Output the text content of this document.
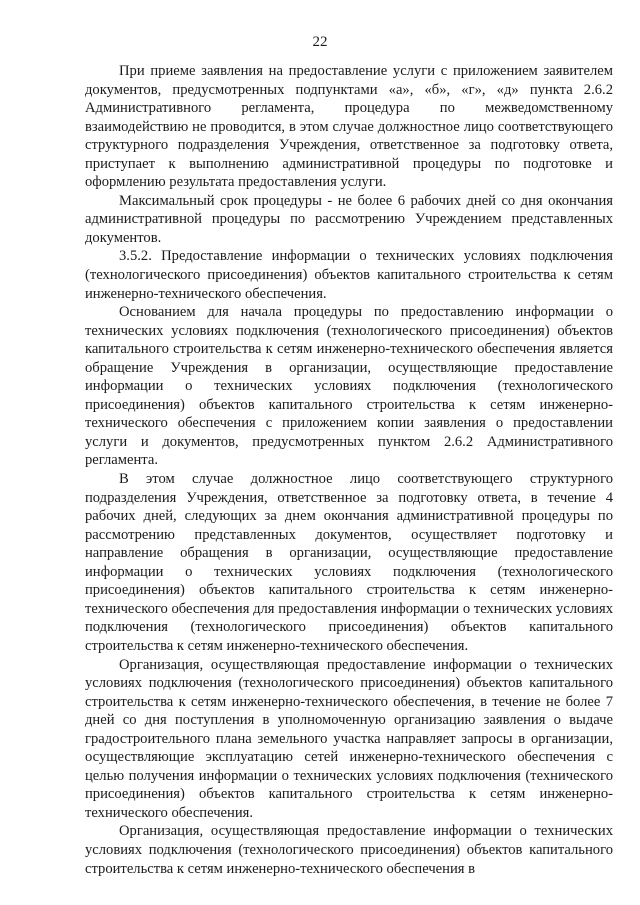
22

При приеме заявления на предоставление услуги с приложением заявителем документов, предусмотренных подпунктами «а», «б», «г», «д» пункта 2.6.2 Административного регламента, процедура по межведомственному взаимодействию не проводится, в этом случае должностное лицо соответствующего структурного подразделения Учреждения, ответственное за подготовку ответа, приступает к выполнению административной процедуры по подготовке и оформлению результата предоставления услуги.

Максимальный срок процедуры - не более 6 рабочих дней со дня окончания административной процедуры по рассмотрению Учреждением представленных документов.

3.5.2. Предоставление информации о технических условиях подключения (технологического присоединения) объектов капитального строительства к сетям инженерно-технического обеспечения.

Основанием для начала процедуры по предоставлению информации о технических условиях подключения (технологического присоединения) объектов капитального строительства к сетям инженерно-технического обеспечения является обращение Учреждения в организации, осуществляющие предоставление информации о технических условиях подключения (технологического присоединения) объектов капитального строительства к сетям инженерно-технического обеспечения с приложением копии заявления о предоставлении услуги и документов, предусмотренных пунктом 2.6.2 Административного регламента.

В этом случае должностное лицо соответствующего структурного подразделения Учреждения, ответственное за подготовку ответа, в течение 4 рабочих дней, следующих за днем окончания административной процедуры по рассмотрению представленных документов, осуществляет подготовку и направление обращения в организации, осуществляющие предоставление информации о технических условиях подключения (технологического присоединения) объектов капитального строительства к сетям инженерно-технического обеспечения для предоставления информации о технических условиях подключения (технологического присоединения) объектов капитального строительства к сетям инженерно-технического обеспечения.

Организация, осуществляющая предоставление информации о технических условиях подключения (технологического присоединения) объектов капитального строительства к сетям инженерно-технического обеспечения, в течение не более 7 дней со дня поступления в уполномоченную организацию заявления о выдаче градостроительного плана земельного участка направляет запросы в организации, осуществляющие эксплуатацию сетей инженерно-технического обеспечения с целью получения информации о технических условиях подключения (технического присоединения) объектов капитального строительства к сетям инженерно-технического обеспечения.

Организация, осуществляющая предоставление информации о технических условиях подключения (технологического присоединения) объектов капитального строительства к сетям инженерно-технического обеспечения в
